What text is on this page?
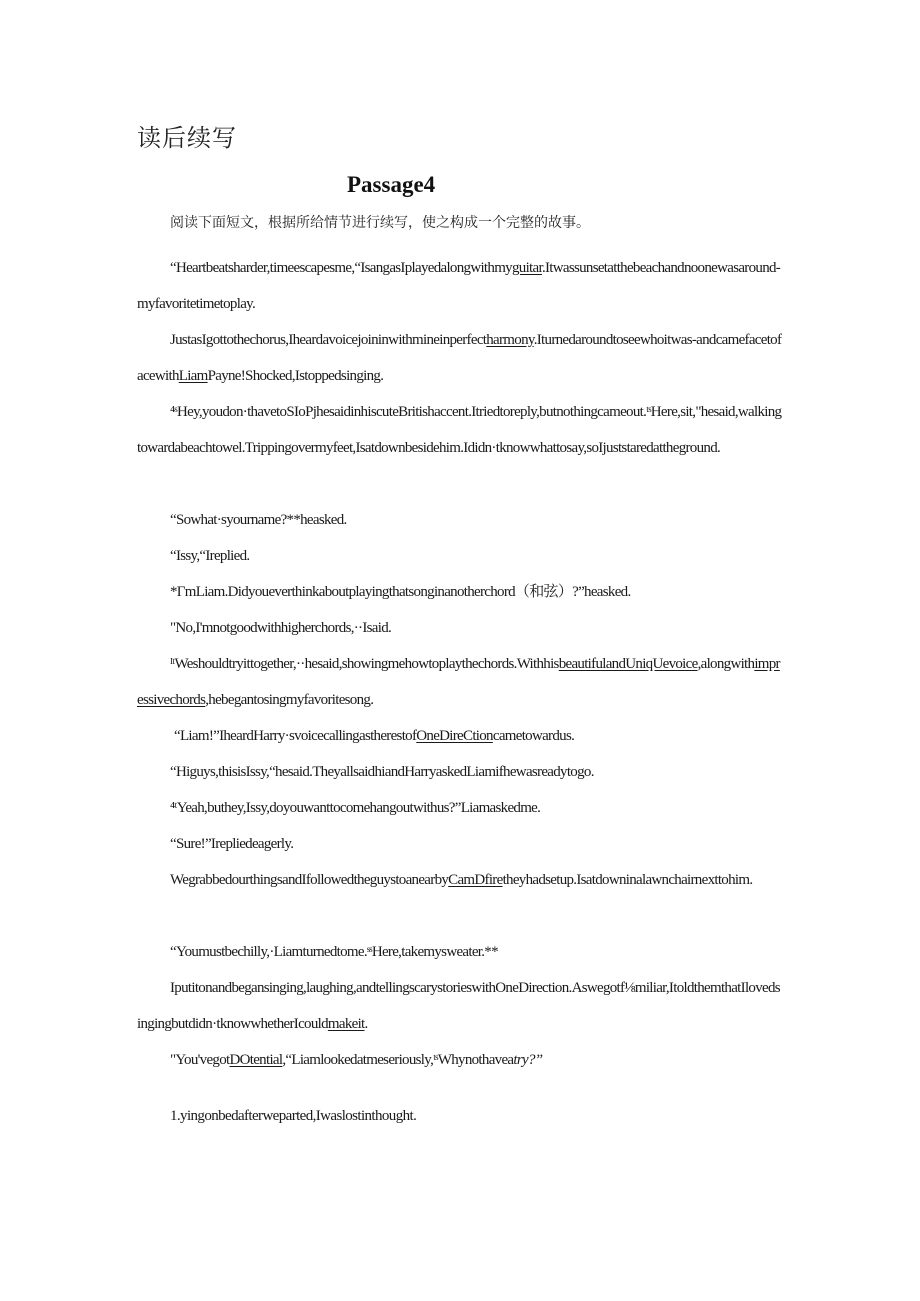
读后续写
Passage4

阅读下面短文，根据所给情节进行续写，使之构成一个完整的故事。

“Heartbeatsharder,timeescapesme,“IsangasIplayedalongwithmyguitar.Itwassunsetatthebeachandnoonewasaround-myfavoritetimetoplay.

JustasIgottothechorus,Iheardavoicejoininwithmineinperfectharmony.Iturnedaroundtoseewhoitwas-andcamefacetofacewithLiamPayne!Shocked,Istoppedsinging.

⁴ˢHey,youdon·thavetoSIoPjhesaidinhiscuteBritishaccent.Itriedtoreply,butnothingcameout.ᵗˢHere,sit,"hesaid,walkingtowardabeachtowel.Trippingovermyfeet,Isatdownbesidehim.Ididn·tknowwhattosay,soIjuststaredattheground.

“Sowhat·syourname?**heasked.

“Issy,“Ireplied.

*ΓmLiam.Didyoueverthinkaboutplayingthatsonginanotherchord（和弦）?”heasked.

"No,I'mnotgoodwithhigherchords,··Isaid.

ᴵᵗWeshouldtryittogether,··hesaid,showingmehowtoplaythechords.WithhisbeautifulandUniqUevoice,alongwithimpressivechords,hebegantosingmyfavoritesong.

“Liam!”IheardHarry·svoicecallingastherestofOneDireCtioncametowardus.

“Higuys,thisisIssy,“hesaid.TheyallsaidhiandHarryaskedLiamifhewasreadytogo.

⁴ᵗYeah,buthey,Issy,doyouwanttocomehangoutwithus?”Liamaskedme.

“Sure!”Irepliedeagerly.

WegrabbedourthingsandIfollowedtheguystoanearbyCamDfiretheyhadsetup.Isatdowninalawnchairnexttohim.

“Youmustbechilly,·Liamturnedtome.ˢˢHere,takemysweater.**

Iputitonandbegansinging,laughing,andtellingscarystorieswithOneDirection.Aswegotf⅛miliar,ItoldthemthatIlovedsingingbutdidn·tknowwhetherIcouldmakeit.

"You'vegotDOtential,“Liamlookedatmeseriously,ᵗˢWhynothaveatry?”

1.yingonbedafterweparted,Iwaslostinthought.
